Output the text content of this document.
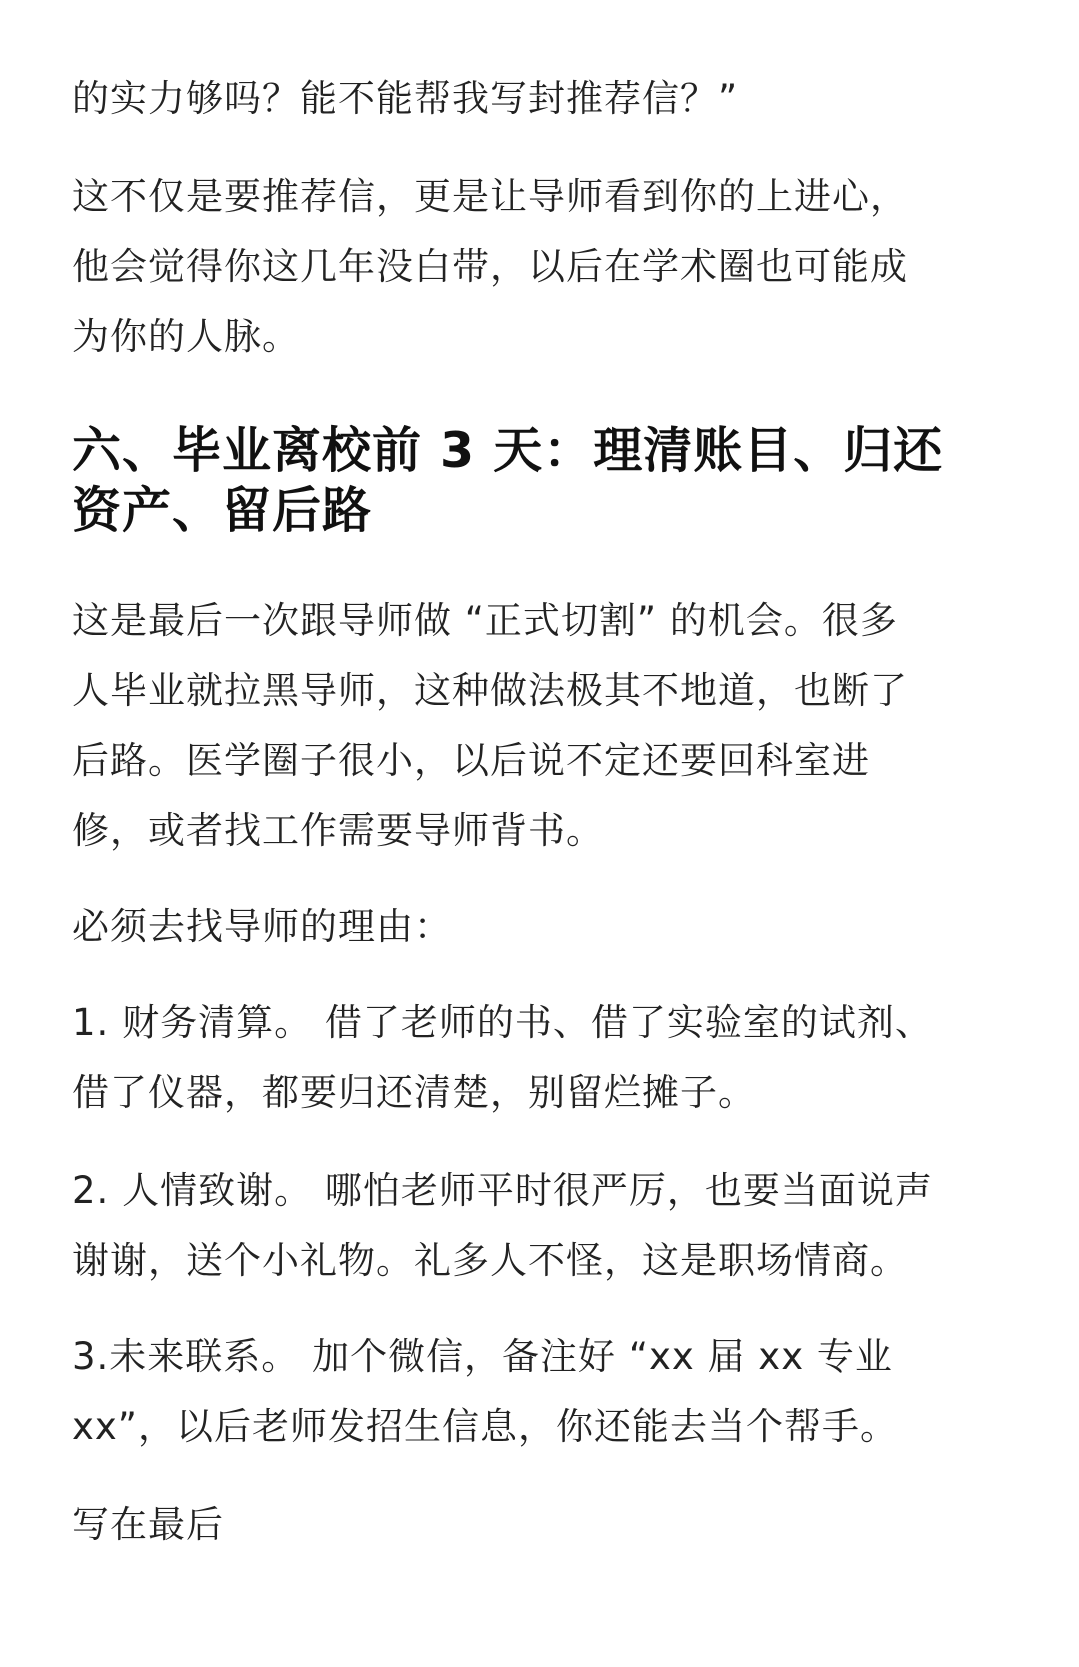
的实力够吗？能不能帮我写封推荐信？”

这不仅是要推荐信，更是让导师看到你的上进心，

他会觉得你这几年没白带，以后在学术圈也可能成

为你的人脉。

六、毕业离校前 3 天：理清账目、归还
资产、留后路

这是最后一次跟导师做 “正式切割” 的机会。很多

人毕业就拉黑导师，这种做法极其不地道，也断了

后路。医学圈子很小，以后说不定还要回科室进

修，或者找工作需要导师背书。

必须去找导师的理由：

1. 财务清算。 借了老师的书、借了实验室的试剂、

借了仪器，都要归还清楚，别留烂摊子。

2. 人情致谢。 哪怕老师平时很严厉，也要当面说声

谢谢，送个小礼物。礼多人不怪，这是职场情商。

3.未来联系。 加个微信，备注好 “xx 届 xx 专业

xx”，以后老师发招生信息，你还能去当个帮手。

写在最后
